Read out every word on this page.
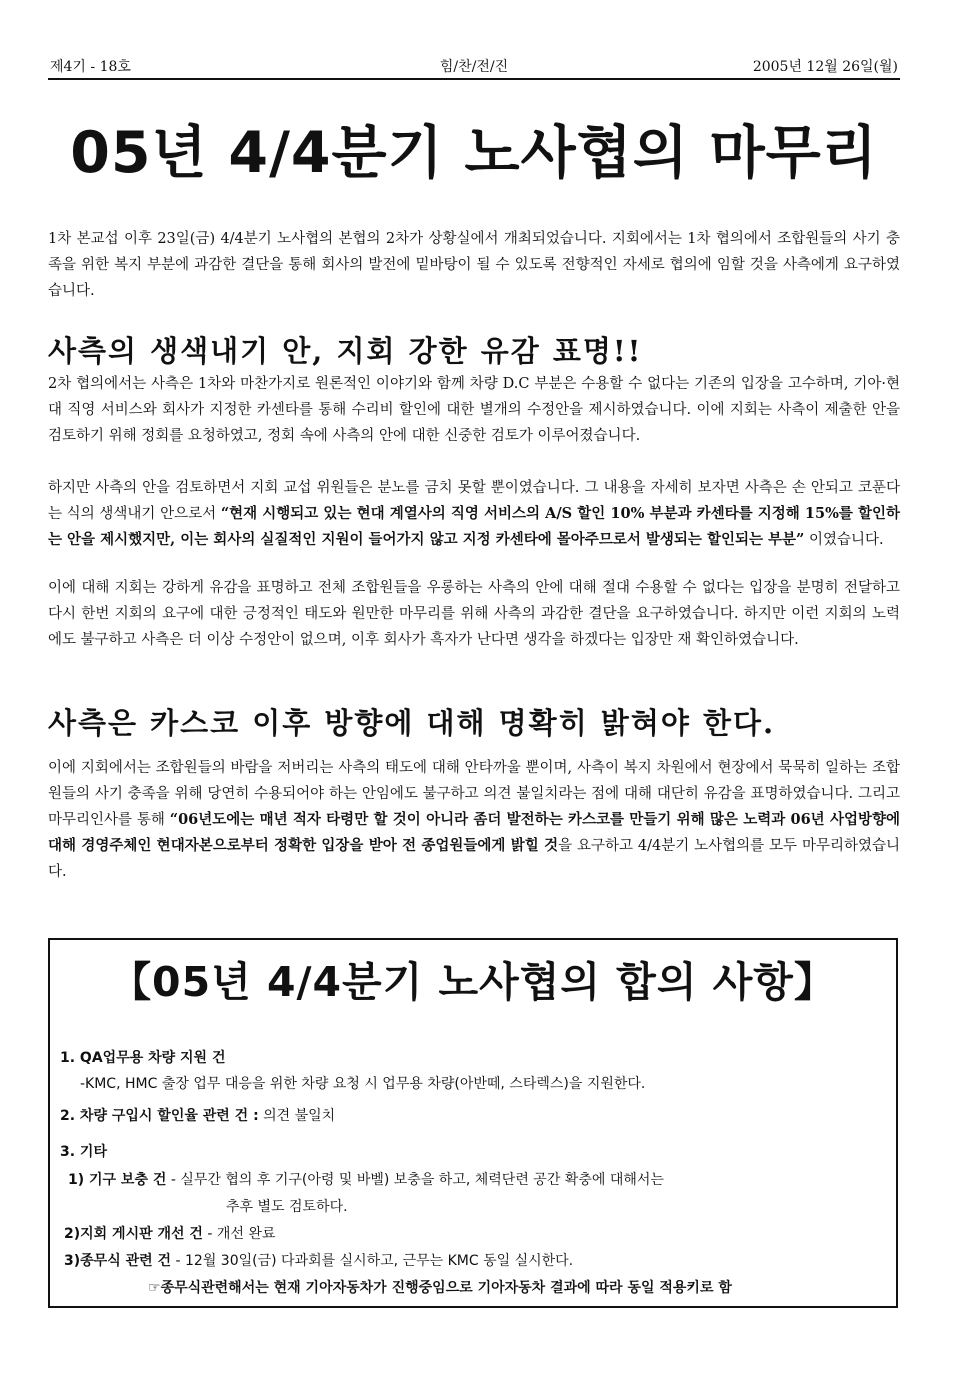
제4기 - 18호	힘/찬/전/진	2005년 12월 26일(월)
05년 4/4분기 노사협의 마무리

1차 본교섭 이후 23일(금) 4/4분기 노사협의 본협의 2차가 상황실에서 개최되었습니다. 지회에서는 1차 협의에서 조합원들의 사기 충족을 위한 복지 부분에 과감한 결단을 통해 회사의 발전에 밑바탕이 될 수 있도록 전향적인 자세로 협의에 임할 것을 사측에게 요구하였습니다.

사측의 생색내기 안, 지회 강한 유감 표명!!

2차 협의에서는 사측은 1차와 마찬가지로 원론적인 이야기와 함께 차량 D.C 부분은 수용할 수 없다는 기존의 입장을 고수하며, 기아·현대 직영 서비스와 회사가 지정한 카센타를 통해 수리비 할인에 대한 별개의 수정안을 제시하였습니다. 이에 지회는 사측이 제출한 안을 검토하기 위해 정회를 요청하였고, 정회 속에 사측의 안에 대한 신중한 검토가 이루어졌습니다.

하지만 사측의 안을 검토하면서 지회 교섭 위원들은 분노를 금치 못할 뿐이였습니다. 그 내용을 자세히 보자면 사측은 손 안되고 코푼다는 식의 생색내기 안으로서 “현재 시행되고 있는 현대 계열사의 직영 서비스의 A/S 할인 10% 부분과 카센타를 지정해 15%를 할인하는 안을 제시했지만, 이는 회사의 실질적인 지원이 들어가지 않고 지정 카센타에 몰아주므로서 발생되는 할인되는 부분” 이였습니다.

이에 대해 지회는 강하게 유감을 표명하고 전체 조합원들을 우롱하는 사측의 안에 대해 절대 수용할 수 없다는 입장을 분명히 전달하고 다시 한번 지회의 요구에 대한 긍정적인 태도와 원만한 마무리를 위해 사측의 과감한 결단을 요구하였습니다. 하지만 이런 지회의 노력에도 불구하고 사측은 더 이상 수정안이 없으며, 이후 회사가 흑자가 난다면 생각을 하겠다는 입장만 재 확인하였습니다.

사측은 카스코 이후 방향에 대해 명확히 밝혀야 한다.

이에 지회에서는 조합원들의 바람을 저버리는 사측의 태도에 대해 안타까울 뿐이며, 사측이 복지 차원에서 현장에서 묵묵히 일하는 조합원들의 사기 충족을 위해 당연히 수용되어야 하는 안임에도 불구하고 의견 불일치라는 점에 대해 대단히 유감을 표명하였습니다. 그리고 마무리인사를 통해 “06년도에는 매년 적자 타령만 할 것이 아니라 좀더 발전하는 카스코를 만들기 위해 많은 노력과 06년 사업방향에 대해 경영주체인 현대자본으로부터 정확한 입장을 받아 전 종업원들에게 밝힐 것을 요구하고 4/4분기 노사협의를 모두 마무리하였습니다.

【05년 4/4분기 노사협의 합의 사항】
1. QA업무용 차량 지원 건
-KMC, HMC 출장 업무 대응을 위한 차량 요청 시 업무용 차량(아반떼, 스타렉스)을 지원한다.
2. 차량 구입시 할인율 관련 건 : 의견 불일치
3. 기타
1) 기구 보충 건 - 실무간 협의 후 기구(아령 및 바벨) 보충을 하고, 체력단련 공간 확충에 대해서는
추후 별도 검토하다.
2)지회 게시판 개선 건 - 개선 완료
3)종무식 관련 건 - 12월 30일(금) 다과회를 실시하고, 근무는 KMC 동일 실시한다.
☞종무식관련해서는 현재 기아자동차가 진행중임으로 기아자동차 결과에 따라 동일 적용키로 함
